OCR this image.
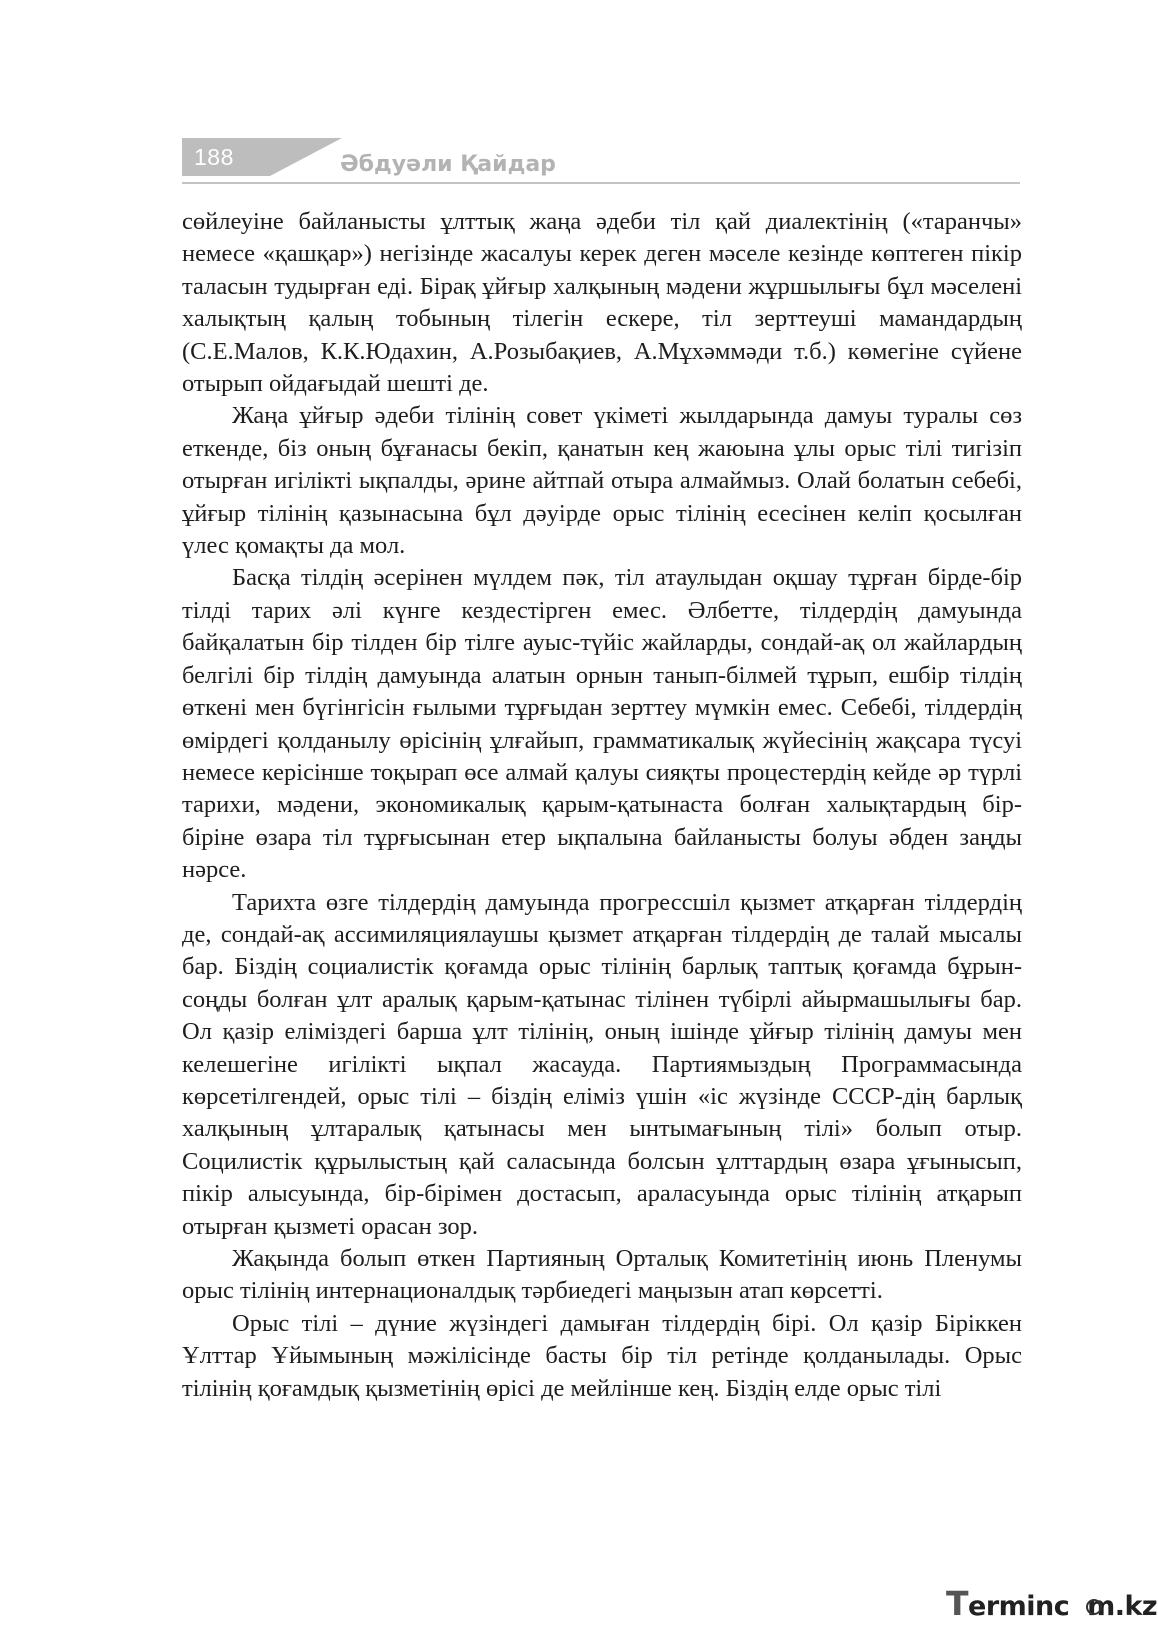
188	Әбдуәли Қайдар

сөйлеуіне байланысты ұлттық жаңа әдеби тіл қай диалектінің («таранчы» немесе «қашқар») негізінде жасалуы керек деген мәселе кезінде көптеген пікір таласын тудырған еді. Бірақ ұйғыр халқының мәдени жұршылығы бұл мәселені халықтың қалың тобының тілегін ескере, тіл зерттеуші мамандардың (С.Е.Малов, К.К.Юдахин, А.Розыбақиев, А.Мұхәммәди т.б.) көмегіне сүйене отырып ойдағыдай шешті де.

Жаңа ұйғыр әдеби тілінің совет үкіметі жылдарында дамуы туралы сөз еткенде, біз оның бұғанасы бекіп, қанатын кең жаюына ұлы орыс тілі тигізіп отырған игілікті ықпалды, әрине айтпай отыра алмаймыз. Олай болатын себебі, ұйғыр тілінің қазынасына бұл дәуірде орыс тілінің есесінен келіп қосылған үлес қомақты да мол.

Басқа тілдің әсерінен мүлдем пәк, тіл атаулыдан оқшау тұрған бірде-бір тілді тарих әлі күнге кездестірген емес. Әлбетте, тілдердің дамуында байқалатын бір тілден бір тілге ауыс-түйіс жайларды, сондай-ақ ол жайлардың белгілі бір тілдің дамуында алатын орнын танып-білмей тұрып, ешбір тілдің өткені мен бүгінгісін ғылыми тұрғыдан зерттеу мүмкін емес. Себебі, тілдердің өмірдегі қолданылу өрісінің ұлғайып, грамматикалық жүйесінің жақсара түсуі немесе керісінше тоқырап өсе алмай қалуы сияқты процестердің кейде әр түрлі тарихи, мәдени, экономикалық қарым-қатынаста болған халықтардың бір-біріне өзара тіл тұрғысынан етер ықпалына байланысты болуы әбден заңды нәрсе.

Тарихта өзге тілдердің дамуында прогрессшіл қызмет атқарған тілдердің де, сондай-ақ ассимиляциялаушы қызмет атқарған тілдердің де талай мысалы бар. Біздің социалистік қоғамда орыс тілінің барлық таптық қоғамда бұрын-соңды болған ұлт аралық қарым-қатынас тілінен түбірлі айырмашылығы бар. Ол қазір еліміздегі барша ұлт тілінің, оның ішінде ұйғыр тілінің дамуы мен келешегіне игілікті ықпал жасауда. Партиямыздың Программасында көрсетілгендей, орыс тілі – біздің еліміз үшін «іс жүзінде СССР-дің барлық халқының ұлтаралық қатынасы мен ынтымағының тілі» болып отыр. Социлистік құрылыстың қай саласында болсын ұлттардың өзара ұғынысып, пікір алысуында, бір-бірімен достасып, араласуында орыс тілінің атқарып отырған қызметі орасан зор.

Жақында болып өткен Партияның Орталық Комитетінің июнь Пленумы орыс тілінің интернационалдық тәрбиедегі маңызын атап көрсетті.

Орыс тілі – дүние жүзіндегі дамыған тілдердің бірі. Ол қазір Біріккен Ұлттар Ұйымының мәжілісінде басты бір тіл ретінде қолданылады. Орыс тілінің қоғамдық қызметінің өрісі де мейлінше кең. Біздің елде орыс тілі

Terminc m.kz
